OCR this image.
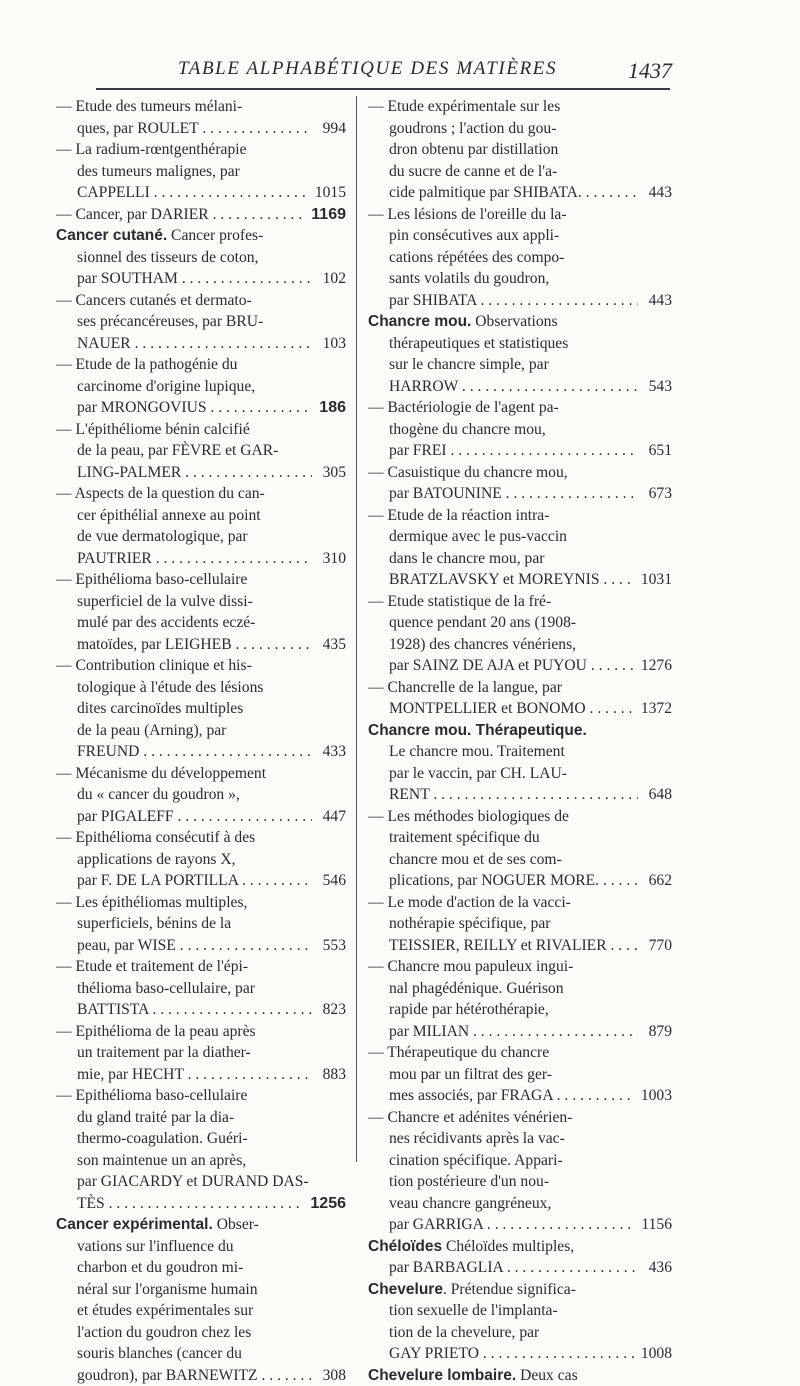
TABLE ALPHABÉTIQUE DES MATIÈRES	1437
— Etude des tumeurs mélani-
ques, par ROULET . . .	994
— La radium-rœntgenthérapie
des tumeurs malignes, par
CAPPELLI . . .	1015
— Cancer, par DARIER . . .	1169
Cancer cutané. Cancer profes-
sionnel des tisseurs de coton,
par SOUTHAM . . .	102
— Cancers cutanés et dermato-
ses précancéreuses, par BRU-
NAUER . . .	103
— Etude de la pathogénie du
carcinome d'origine lupique,
par MRONGOVIUS . . .	186
— L'épithéliome bénin calcifié
de la peau, par FÈVRE et GAR-
LING-PALMER . . .	305
— Aspects de la question du can-
cer épithélial annexe au point
de vue dermatologique, par
PAUTRIER . . .	310
— Epithélioma baso-cellulaire
superficiel de la vulve dissi-
mulé par des accidents eczé-
matoïdes, par LEIGHEB . . .	435
— Contribution clinique et his-
tologique à l'étude des lésions
dites carcinoïdes multiples
de la peau (Arning), par
FREUND . . .	433
— Mécanisme du développement
du « cancer du goudron »,
par PIGALEFF . . .	447
— Epithélioma consécutif à des
applications de rayons X,
par F. DE LA PORTILLA . . .	546
— Les épithéliomas multiples,
superficiels, bénins de la
peau, par WISE . . .	553
— Etude et traitement de l'épi-
thélioma baso-cellulaire, par
BATTISTA . . .	823
— Epithélioma de la peau après
un traitement par la diather-
mie, par HECHT . . .	883
— Epithélioma baso-cellulaire
du gland traité par la dia-
thermo-coagulation. Guéri-
son maintenue un an après,
par GIACARDY et DURAND DAS-
TÈS . . .	1256
Cancer expérimental. Obser-
vations sur l'influence du
charbon et du goudron mi-
néral sur l'organisme humain
et études expérimentales sur
l'action du goudron chez les
souris blanches (cancer du
goudron), par BARNEWITZ . . .	308
— Etude expérimentale sur les
goudrons ; l'action du gou-
dron obtenu par distillation
du sucre de canne et de l'a-
cide palmitique par SHIBATA. . . .	443
— Les lésions de l'oreille du la-
pin consécutives aux appli-
cations répétées des compo-
sants volatils du goudron,
par SHIBATA . . .	443
Chancre mou. Observations
thérapeutiques et statistiques
sur le chancre simple, par
HARROW . . .	543
— Bactériologie de l'agent pa-
thogène du chancre mou,
par FREI . . .	651
— Casuistique du chancre mou,
par BATOUNINE . . .	673
— Etude de la réaction intra-
dermique avec le pus-vaccin
dans le chancre mou, par
BRATZLAVSKY et MOREYNIS . . .	1031
— Etude statistique de la fré-
quence pendant 20 ans (1908-
1928) des chancres vénériens,
par SAINZ DE AJA et PUYOU . . .	1276
— Chancrelle de la langue, par
MONTPELLIER et BONOMO . . .	1372
Chancre mou. Thérapeutique.
Le chancre mou. Traitement
par le vaccin, par CH. LAU-
RENT . . .	648
— Les méthodes biologiques de
traitement spécifique du
chancre mou et de ses com-
plications, par NOGUER MORE. . . .	662
— Le mode d'action de la vacci-
nothérapie spécifique, par
TEISSIER, REILLY et RIVALIER . . .	770
— Chancre mou papuleux ingui-
nal phagédénique. Guérison
rapide par hétérothérapie,
par MILIAN . . .	879
— Thérapeutique du chancre
mou par un filtrat des ger-
mes associés, par FRAGA . . .	1003
— Chancre et adénites vénérien-
nes récidivants après la vac-
cination spécifique. Appari-
tion postérieure d'un nou-
veau chancre gangréneux,
par GARRIGA . . .	1156
Chéloïdes Chéloïdes multiples,
par BARBAGLIA . . .	436
Chevelure. Prétendue significa-
tion sexuelle de l'implanta-
tion de la chevelure, par
GAY PRIETO . . .	1008
Chevelure lombaire. Deux cas
